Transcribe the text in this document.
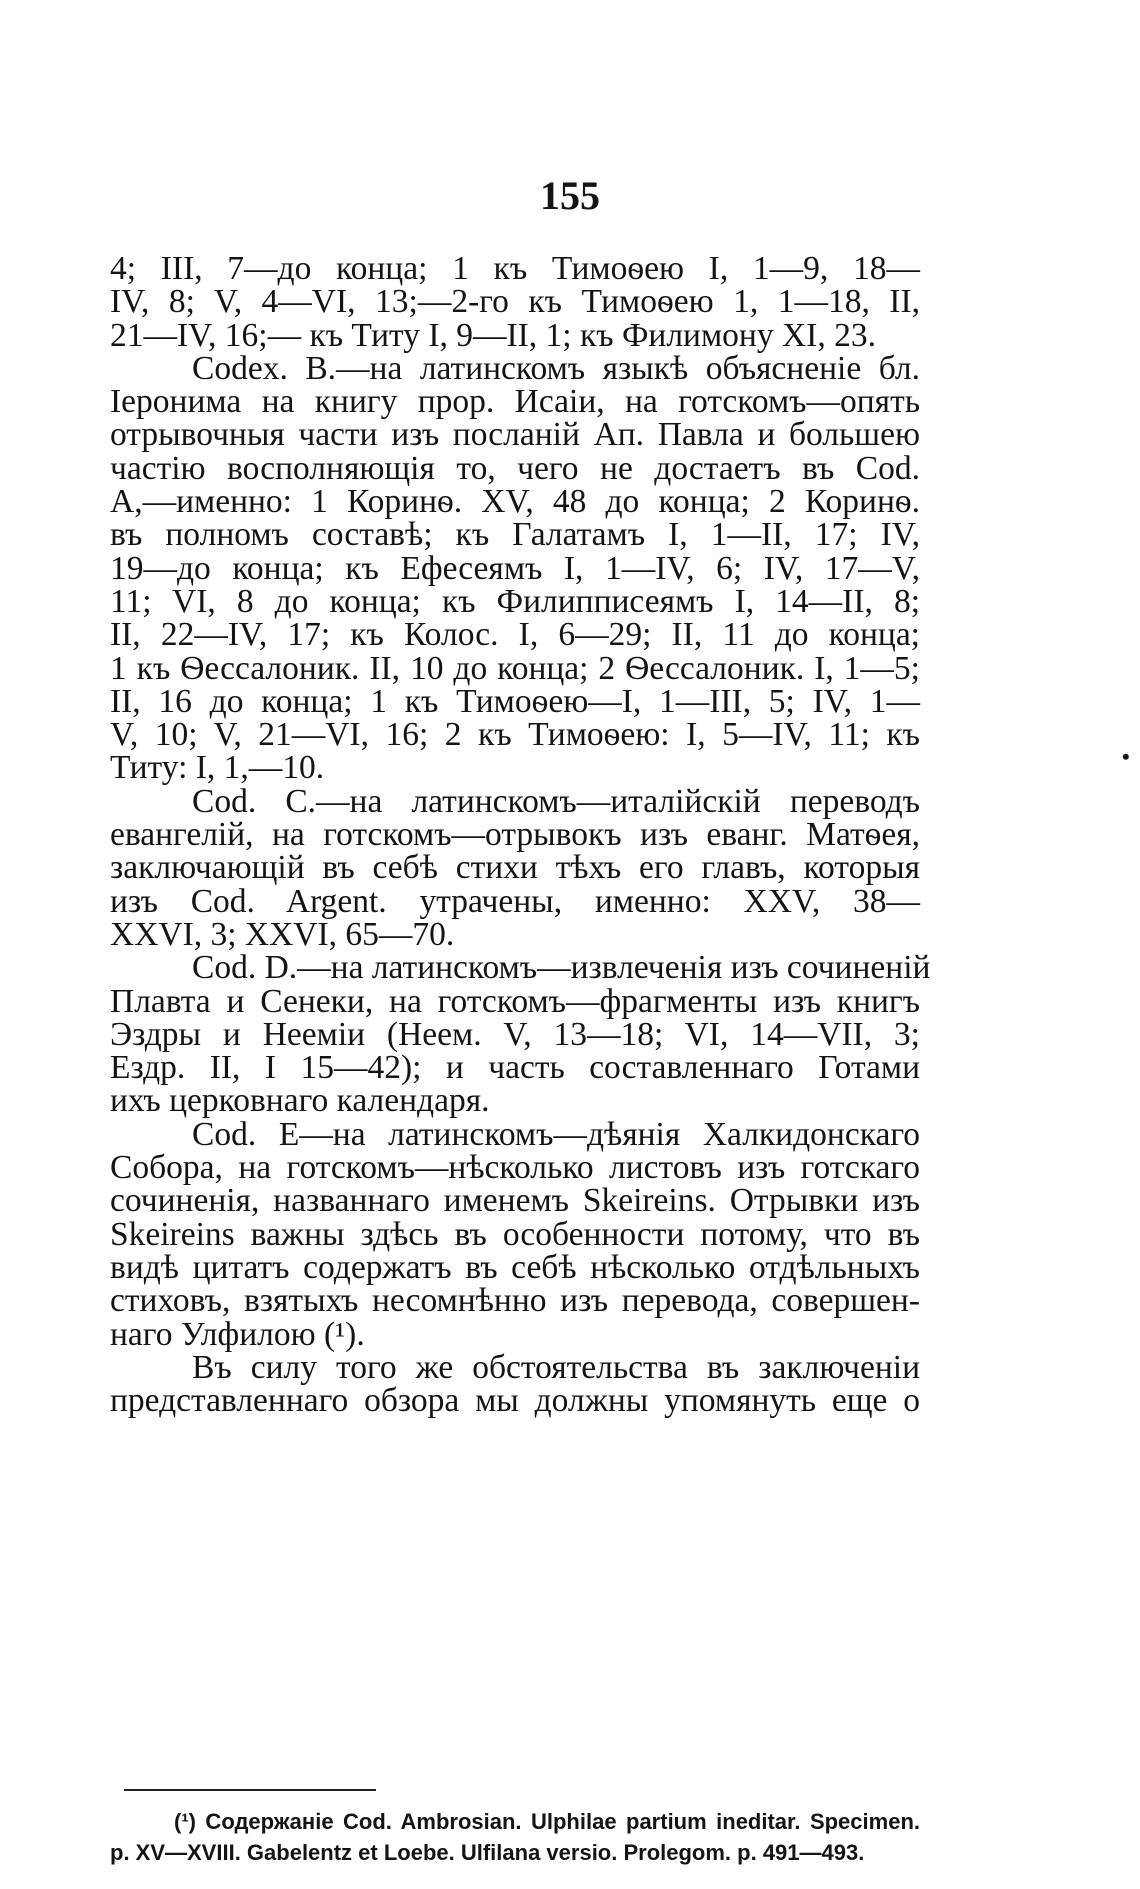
155
•

4; III, 7—до конца; 1 къ Тимоѳею I, 1—9, 18—
IV, 8; V, 4—VI, 13;—2-го къ Тимоѳею 1, 1—18, II,
21—IV, 16;— къ Титу I, 9—II, 1; къ Филимону XI, 23.

Codex. B.—на латинскомъ языкѣ объясненіе бл.
Іеронима на книгу прор. Исаіи, на готскомъ—опять
отрывочныя части изъ посланій Ап. Павла и большею
частію восполняющія то, чего не достаетъ въ Cod.
A,—именно: 1 Коринѳ. XV, 48 до конца; 2 Коринѳ.
въ полномъ составѣ; къ Галатамъ I, 1—II, 17; IV,
19—до конца; къ Ефесеямъ I, 1—IV, 6; IV, 17—V,
11; VI, 8 до конца; къ Филипписеямъ I, 14—II, 8;
II, 22—IV, 17; къ Колос. I, 6—29; II, 11 до конца;
1 къ Ѳессалоник. II, 10 до конца; 2 Ѳессалоник. I, 1—5;
II, 16 до конца; 1 къ Тимоѳею—I, 1—III, 5; IV, 1—
V, 10; V, 21—VI, 16; 2 къ Тимоѳею: I, 5—IV, 11; къ
Титу: I, 1,—10.

Cod. C.—на латинскомъ—италійскій переводъ
евангелій, на готскомъ—отрывокъ изъ еванг. Матѳея,
заключающій въ себѣ стихи тѣхъ его главъ, которыя
изъ Cod. Argent. утрачены, именно: XXV, 38—
XXVI, 3; XXVI, 65—70.

Cod. D.—на латинскомъ—извлеченія изъ сочиненій
Плавта и Сенеки, на готскомъ—фрагменты изъ книгъ
Эздры и Нееміи (Неем. V, 13—18; VI, 14—VII, 3;
Ездр. II, I 15—42); и часть составленнаго Готами
ихъ церковнаго календаря.

Cod. E—на латинскомъ—дѣянія Халкидонскаго
Собора, на готскомъ—нѣсколько листовъ изъ готскаго
сочиненія, названнаго именемъ Skeireins. Отрывки изъ
Skeireins важны здѣсь въ особенности потому, что въ
видѣ цитатъ содержатъ въ себѣ нѣсколько отдѣльныхъ
стиховъ, взятыхъ несомнѣнно изъ перевода, совершен-
наго Улфилою (¹).

Въ силу того же обстоятельства въ заключеніи
представленнаго обзора мы должны упомянуть еще о

(¹) Содержаніе Cod. Ambrosian. Ulphilae partium ineditar. Specimen.
p. XV—XVIII. Gabelentz et Loebe. Ulfilana versio. Prolegom. p. 491—493.
